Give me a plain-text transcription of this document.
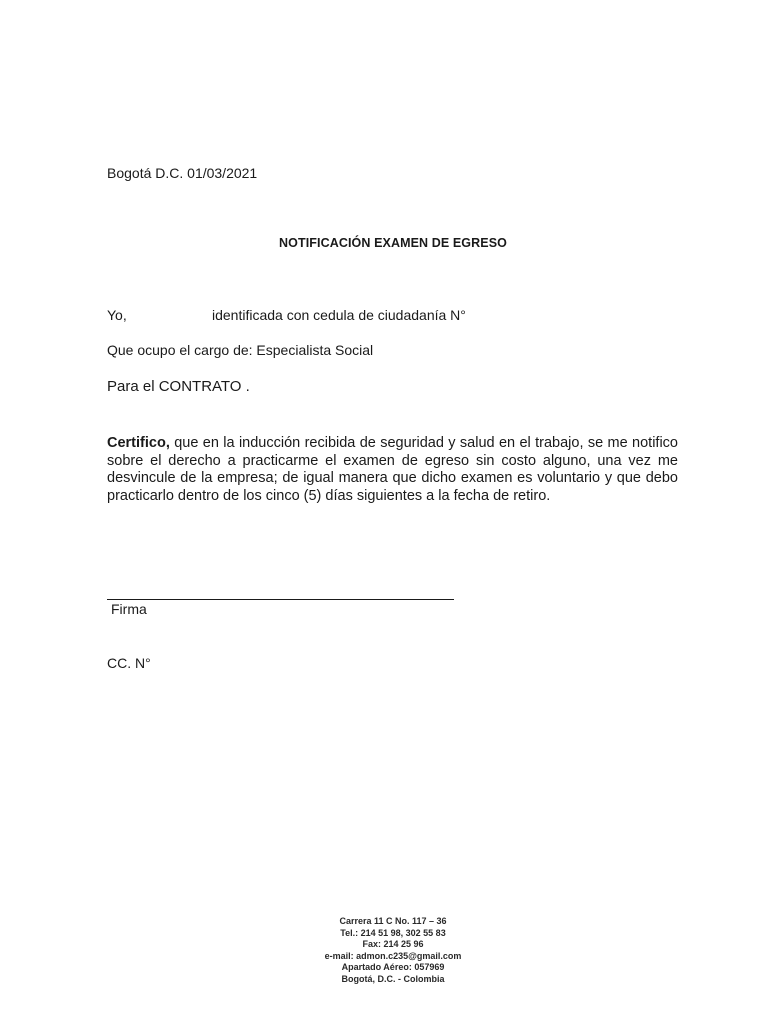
Bogotá D.C. 01/03/2021
NOTIFICACIÓN EXAMEN DE EGRESO
Yo,	identificada con cedula de ciudadanía N°
Que ocupo el cargo de: Especialista Social
Para el CONTRATO .
Certifico, que en la inducción recibida de seguridad y salud en el trabajo, se me notifico sobre el derecho a practicarme el examen de egreso sin costo alguno, una vez me desvincule de la empresa; de igual manera que dicho examen es voluntario y que debo practicarlo dentro de los cinco (5) días siguientes a la fecha de retiro.
Firma
CC. N°
Carrera 11 C No. 117 – 36
Tel.: 214 51 98, 302 55 83
Fax: 214 25 96
e-mail: admon.c235@gmail.com
Apartado Aéreo: 057969
Bogotá, D.C. - Colombia
